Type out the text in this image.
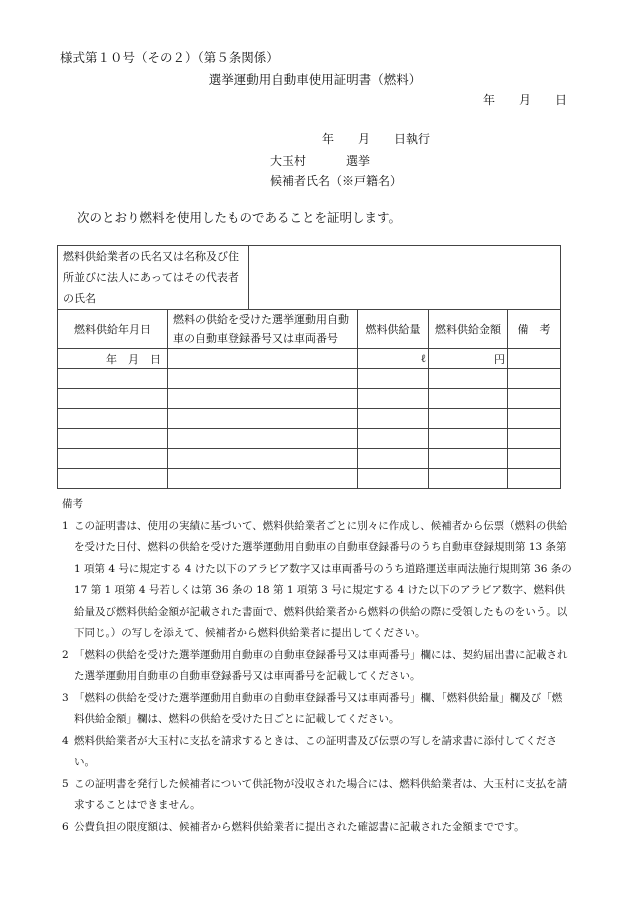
様式第１０号（その２）（第５条関係）
選挙運動用自動車使用証明書（燃料）
年　　月　　日
年　　月　　日執行
大玉村	選挙
候補者氏名（※戸籍名）
次のとおり燃料を使用したものであることを証明します。
燃料供給業者の氏名又は名称及び住所並びに法人にあってはその代表者の氏名					
燃料供給年月日	燃料の供給を受けた選挙運動用自動車の自動車登録番号又は車両番号		燃料供給量	燃料供給金額	備　考
年　月　日			ℓ	円	

備考
1 この証明書は、使用の実績に基づいて、燃料供給業者ごとに別々に作成し、候補者から伝票（燃料の供給を受けた日付、燃料の供給を受けた選挙運動用自動車の自動車登録番号のうち自動車登録規則第 13 条第 1 項第 4 号に規定する 4 けた以下のアラビア数字又は車両番号のうち道路運送車両法施行規則第 36 条の 17 第 1 項第 4 号若しくは第 36 条の 18 第 1 項第 3 号に規定する 4 けた以下のアラビア数字、燃料供給量及び燃料供給金額が記載された書面で、燃料供給業者から燃料の供給の際に受領したものをいう。以下同じ。）の写しを添えて、候補者から燃料供給業者に提出してください。
2 「燃料の供給を受けた選挙運動用自動車の自動車登録番号又は車両番号」欄には、契約届出書に記載された選挙運動用自動車の自動車登録番号又は車両番号を記載してください。
3 「燃料の供給を受けた選挙運動用自動車の自動車登録番号又は車両番号」欄、「燃料供給量」欄及び「燃料供給金額」欄は、燃料の供給を受けた日ごとに記載してください。
4 燃料供給業者が大玉村に支払を請求するときは、この証明書及び伝票の写しを請求書に添付してください。
5 この証明書を発行した候補者について供託物が没収された場合には、燃料供給業者は、大玉村に支払を請求することはできません。
6 公費負担の限度額は、候補者から燃料供給業者に提出された確認書に記載された金額までです。
